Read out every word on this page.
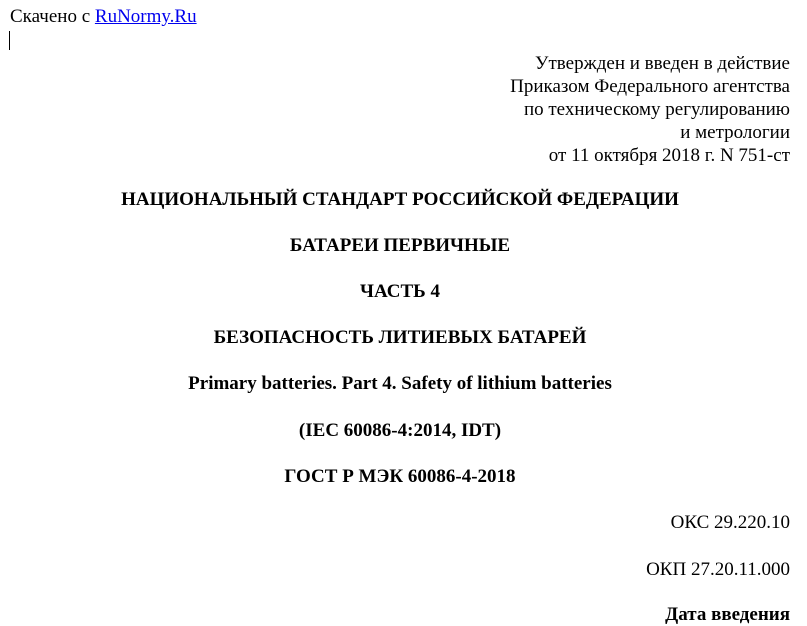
Скачено с RuNormy.Ru
Утвержден и введен в действие
Приказом Федерального агентства
по техническому регулированию
и метрологии
от 11 октября 2018 г. N 751-ст
НАЦИОНАЛЬНЫЙ СТАНДАРТ РОССИЙСКОЙ ФЕДЕРАЦИИ
БАТАРЕИ ПЕРВИЧНЫЕ
ЧАСТЬ 4
БЕЗОПАСНОСТЬ ЛИТИЕВЫХ БАТАРЕЙ
Primary batteries. Part 4. Safety of lithium batteries
(IEC 60086-4:2014, IDT)
ГОСТ Р МЭК 60086-4-2018
ОКС 29.220.10
ОКП 27.20.11.000
Дата введения
